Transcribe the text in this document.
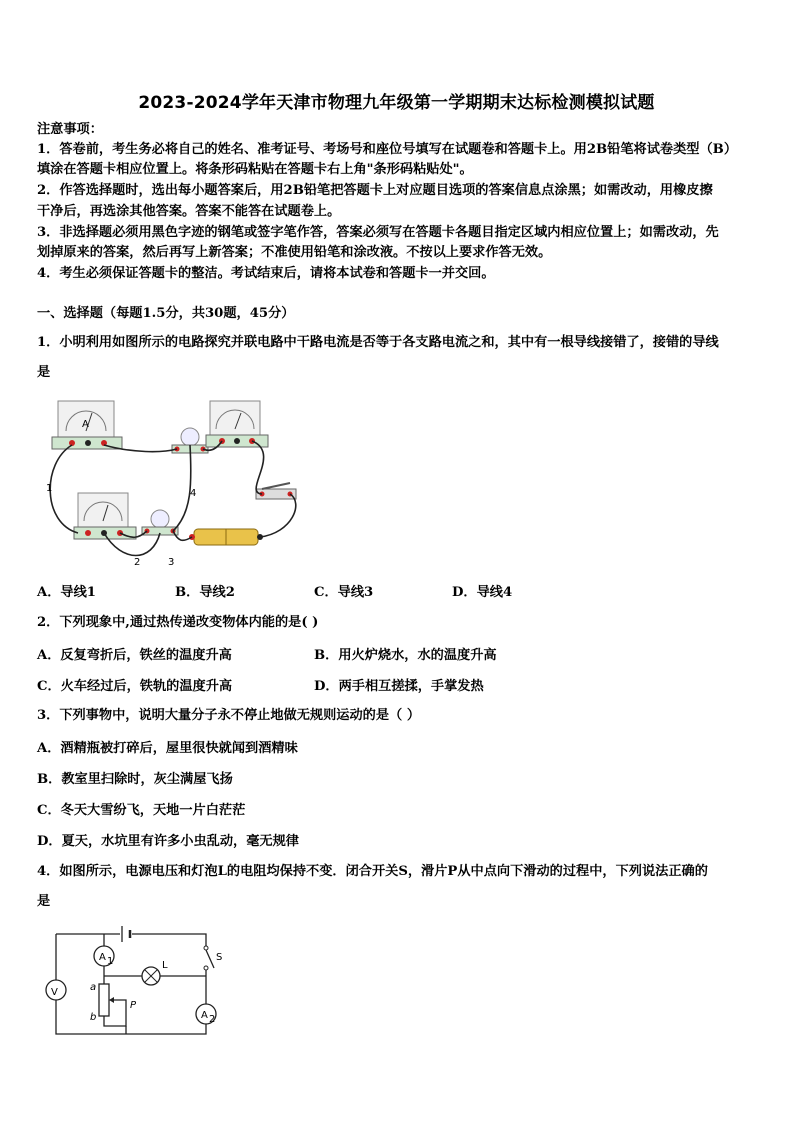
2023-2024学年天津市物理九年级第一学期期末达标检测模拟试题
注意事项：
1．答卷前，考生务必将自己的姓名、准考证号、考场号和座位号填写在试题卷和答题卡上。用2B铅笔将试卷类型（B）
填涂在答题卡相应位置上。将条形码粘贴在答题卡右上角"条形码粘贴处"。
2．作答选择题时，选出每小题答案后，用2B铅笔把答题卡上对应题目选项的答案信息点涂黑；如需改动，用橡皮擦
干净后，再选涂其他答案。答案不能答在试题卷上。
3．非选择题必须用黑色字迹的钢笔或签字笔作答，答案必须写在答题卡各题目指定区域内相应位置上；如需改动，先
划掉原来的答案，然后再写上新答案；不准使用铅笔和涂改液。不按以上要求作答无效。
4．考生必须保证答题卡的整洁。考试结束后，请将本试卷和答题卡一并交回。
一、选择题（每题1.5分，共30题，45分）
1．小明利用如图所示的电路探究并联电路中干路电流是否等于各支路电流之和，其中有一根导线接错了，接错的导线
是
A
1
2	3
4
A．导线1	B．导线2	C．导线3	D．导线4
2．下列现象中,通过热传递改变物体内能的是( )
A．反复弯折后，铁丝的温度升高	B．用火炉烧水，水的温度升高
C．火车经过后，铁轨的温度升高	D．两手相互搓揉，手掌发热
3．下列事物中，说明大量分子永不停止地做无规则运动的是（ ）
A．酒精瓶被打碎后，屋里很快就闻到酒精味
B．教室里扫除时，灰尘满屋飞扬
C．冬天大雪纷飞，天地一片白茫茫
D．夏天，水坑里有许多小虫乱动，毫无规律
4．如图所示，电源电压和灯泡L的电阻均保持不变．闭合开关S，滑片P从中点向下滑动的过程中，下列说法正确的
是
S
V
A 1
A 2
L
a
b
P
